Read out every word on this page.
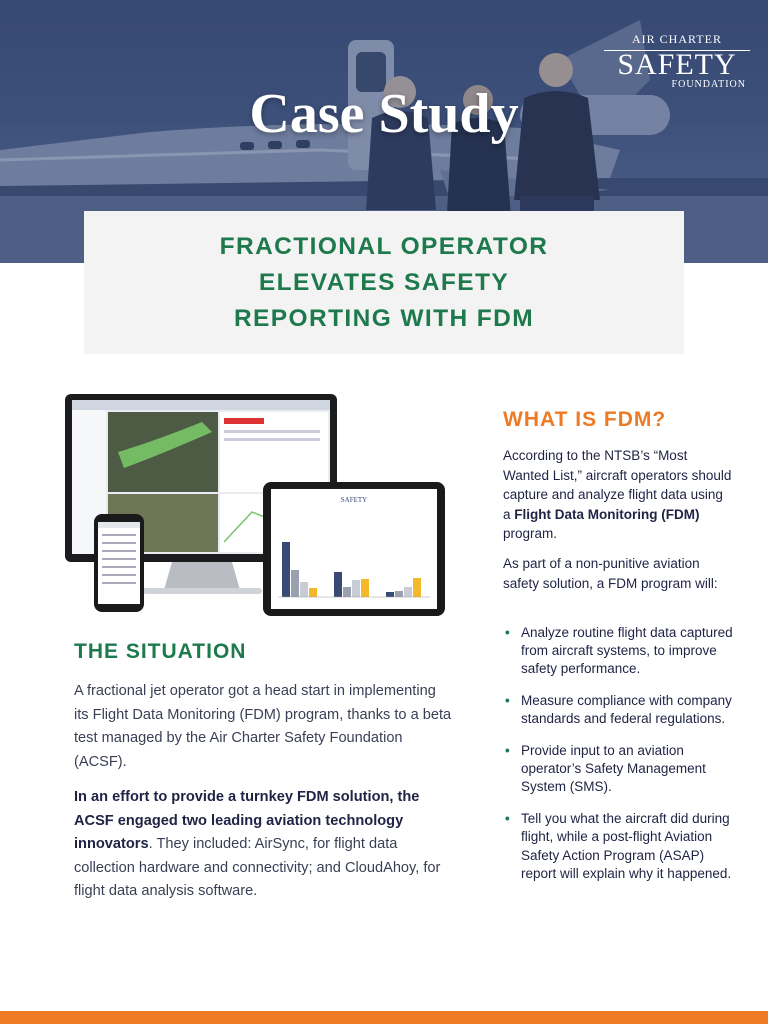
AIR CHARTER
SAFETY
FOUNDATION
Case Study
FRACTIONAL OPERATOR
ELEVATES SAFETY
REPORTING WITH FDM
SAFETY
THE SITUATION

A fractional jet operator got a head start in implementing its Flight Data Monitoring (FDM) program, thanks to a beta test managed by the Air Charter Safety Foundation (ACSF).

In an effort to provide a turnkey FDM solution, the ACSF engaged two leading aviation technology innovators. They included: AirSync, for flight data collection hardware and connectivity; and CloudAhoy, for flight data analysis software.

WHAT IS FDM?

According to the NTSB’s “Most Wanted List,” aircraft operators should capture and analyze flight data using a Flight Data Monitoring (FDM) program.

As part of a non-punitive aviation safety solution, a FDM program will:

• Analyze routine flight data captured from aircraft systems, to improve safety performance.
• Measure compliance with company standards and federal regulations.
• Provide input to an aviation operator’s Safety Management System (SMS).
• Tell you what the aircraft did during flight, while a post-flight Aviation Safety Action Program (ASAP) report will explain why it happened.
